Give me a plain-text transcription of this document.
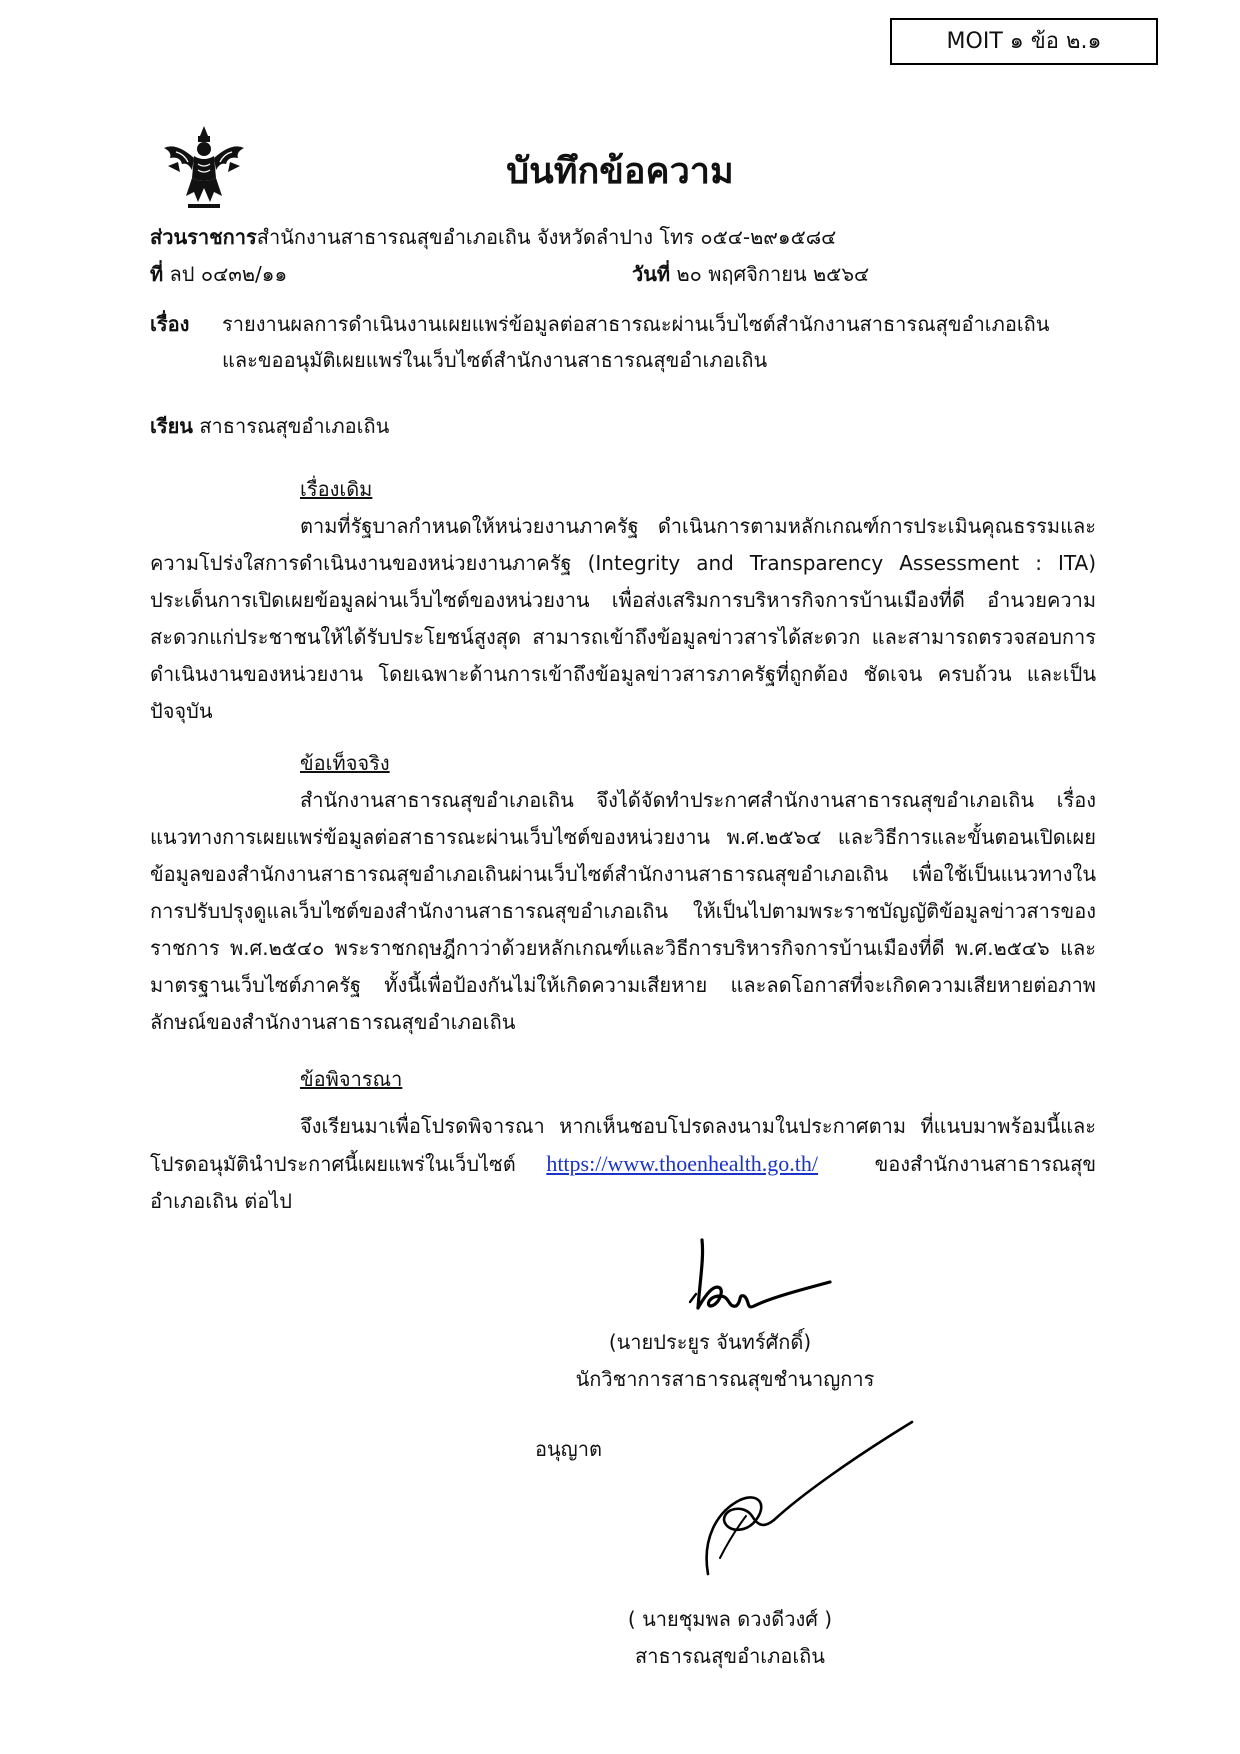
MOIT ๑ ข้อ ๒.๑
บันทึกข้อความ
ส่วนราชการสำนักงานสาธารณสุขอำเภอเถิน จังหวัดลำปาง โทร ๐๕๔-๒๙๑๕๘๔
ที่ ลป ๐๔๓๒/๑๑	วันที่ ๒๐ พฤศจิกายน ๒๕๖๔
เรื่อง รายงานผลการดำเนินงานเผยแพร่ข้อมูลต่อสาธารณะผ่านเว็บไซต์สำนักงานสาธารณสุขอำเภอเถิน
และขออนุมัติเผยแพร่ในเว็บไซต์สำนักงานสาธารณสุขอำเภอเถิน
เรียน สาธารณสุขอำเภอเถิน
เรื่องเดิม
ตามที่รัฐบาลกำหนดให้หน่วยงานภาครัฐ ดำเนินการตามหลักเกณฑ์การประเมินคุณธรรมและความโปร่งใสการดำเนินงานของหน่วยงานภาครัฐ (Integrity and Transparency Assessment : ITA) ประเด็นการเปิดเผยข้อมูลผ่านเว็บไซต์ของหน่วยงาน เพื่อส่งเสริมการบริหารกิจการบ้านเมืองที่ดี อำนวยความสะดวกแก่ประชาชนให้ได้รับประโยชน์สูงสุด สามารถเข้าถึงข้อมูลข่าวสารได้สะดวก และสามารถตรวจสอบการดำเนินงานของหน่วยงาน โดยเฉพาะด้านการเข้าถึงข้อมูลข่าวสารภาครัฐที่ถูกต้อง ชัดเจน ครบถ้วน และเป็นปัจจุบัน
ข้อเท็จจริง
สำนักงานสาธารณสุขอำเภอเถิน จึงได้จัดทำประกาศสำนักงานสาธารณสุขอำเภอเถิน เรื่อง แนวทางการเผยแพร่ข้อมูลต่อสาธารณะผ่านเว็บไซต์ของหน่วยงาน พ.ศ.๒๕๖๔ และวิธีการและขั้นตอนเปิดเผยข้อมูลของสำนักงานสาธารณสุขอำเภอเถินผ่านเว็บไซต์สำนักงานสาธารณสุขอำเภอเถิน เพื่อใช้เป็นแนวทางในการปรับปรุงดูแลเว็บไซต์ของสำนักงานสาธารณสุขอำเภอเถิน ให้เป็นไปตามพระราชบัญญัติข้อมูลข่าวสารของราชการ พ.ศ.๒๕๔๐ พระราชกฤษฎีกาว่าด้วยหลักเกณฑ์และวิธีการบริหารกิจการบ้านเมืองที่ดี พ.ศ.๒๕๔๖ และมาตรฐานเว็บไซต์ภาครัฐ ทั้งนี้เพื่อป้องกันไม่ให้เกิดความเสียหาย และลดโอกาสที่จะเกิดความเสียหายต่อภาพลักษณ์ของสำนักงานสาธารณสุขอำเภอเถิน
ข้อพิจารณา
จึงเรียนมาเพื่อโปรดพิจารณา หากเห็นชอบโปรดลงนามในประกาศตาม ที่แนบมาพร้อมนี้และโปรดอนุมัตินำประกาศนี้เผยแพร่ในเว็บไซต์ https://www.thoenhealth.go.th/	ของสำนักงานสาธารณสุขอำเภอเถิน ต่อไป
(นายประยูร จันทร์ศักดิ์)
นักวิชาการสาธารณสุขชำนาญการ
อนุญาต
( นายชุมพล ดวงดีวงศ์ )
สาธารณสุขอำเภอเถิน
